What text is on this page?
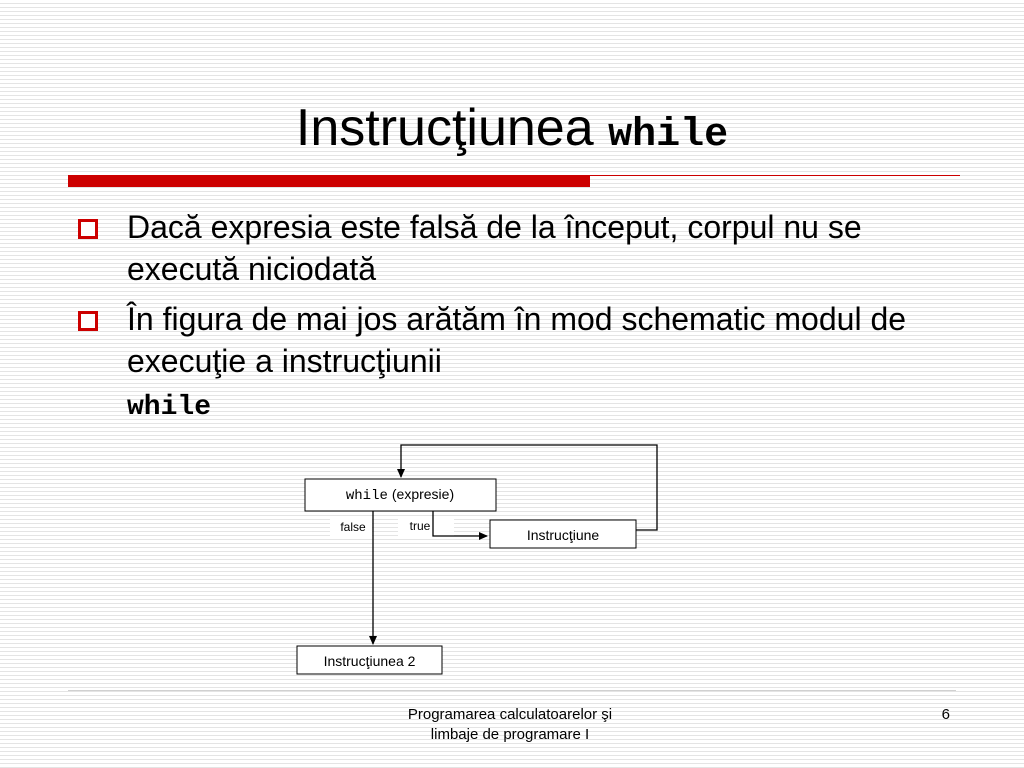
Instrucţiunea while
Dacă expresia este falsă de la început, corpul nu se execută niciodată
În figura de mai jos arătăm în mod schematic modul de execuţie a instrucţiunii
while
while (expresie)
false	true
Instrucţiune
Instrucţiunea 2
Programarea calculatoarelor şi
limbaje de programare I
6
